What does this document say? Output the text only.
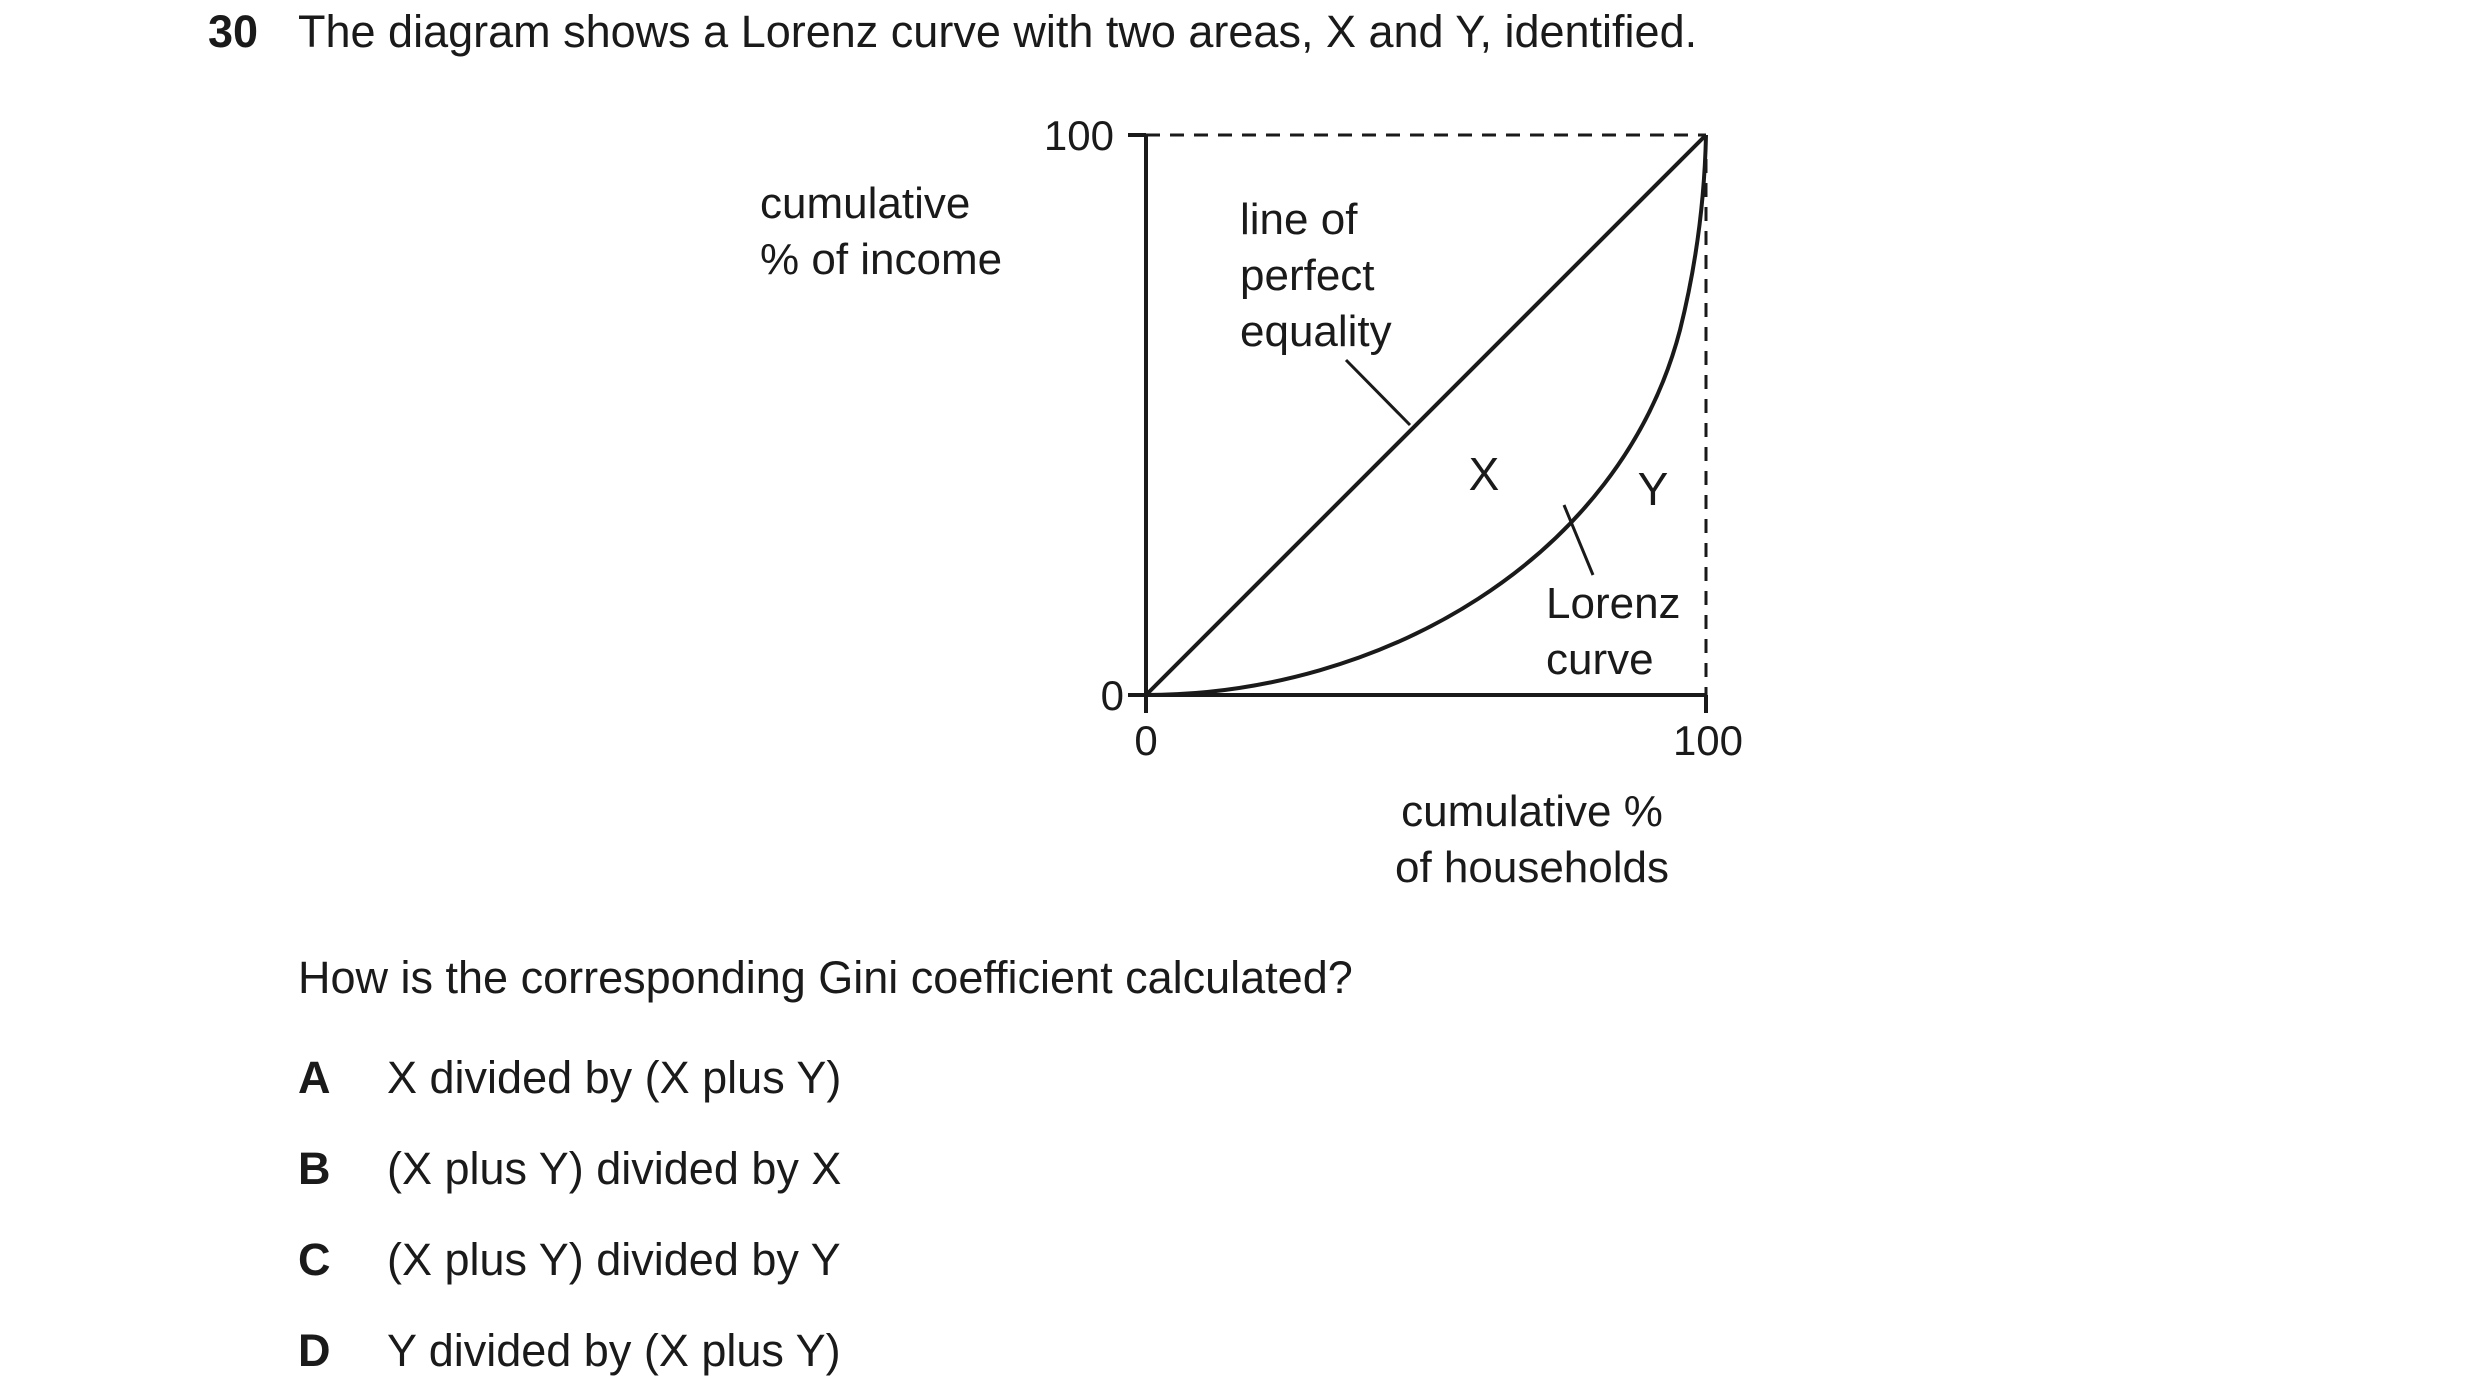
30 The diagram shows a Lorenz curve with two areas, X and Y, identified.
100
0
0	100
cumulative
% of income
line of
perfect
equality
X	Y
Lorenz
curve
cumulative %
of households
How is the corresponding Gini coefficient calculated?
A X divided by (X plus Y)
B (X plus Y) divided by X
C (X plus Y) divided by Y
D Y divided by (X plus Y)
